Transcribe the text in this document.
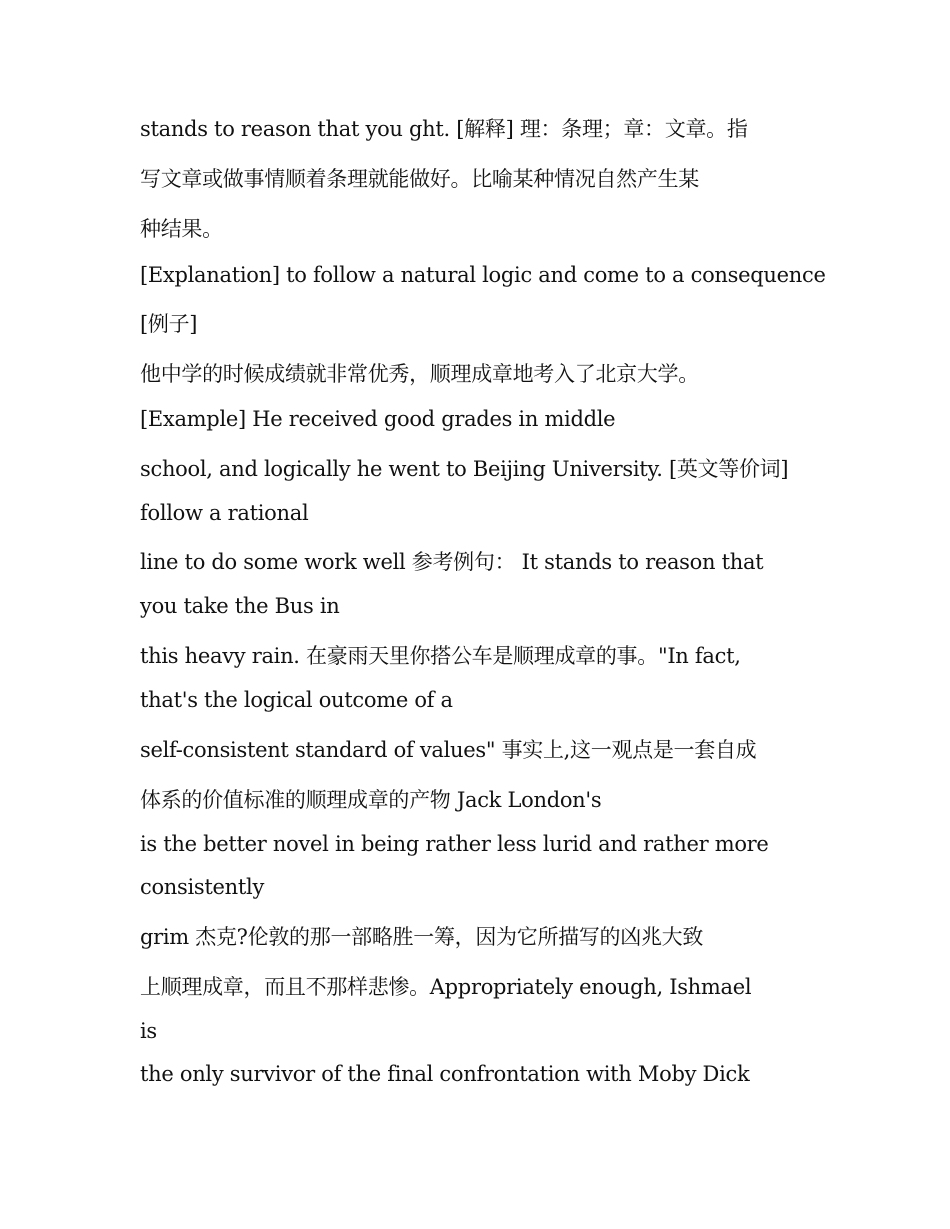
stands to reason that you ght. [解释] 理：条理；章：文章。指

写文章或做事情顺着条理就能做好。比喻某种情况自然产生某

种结果。

[Explanation] to follow a natural logic and come to a consequence

[例子]

他中学的时候成绩就非常优秀，顺理成章地考入了北京大学。

[Example] He received good grades in middle

school, and logically he went to Beijing University. [英文等价词]

follow a rational

line to do some work well 参考例句： It stands to reason that

you take the Bus in

this heavy rain. 在豪雨天里你搭公车是顺理成章的事。"In fact,

that's the logical outcome of a

self-consistent standard of values" 事实上,这一观点是一套自成

体系的价值标准的顺理成章的产物 Jack London's

is the better novel in being rather less lurid and rather more

consistently

grim 杰克?伦敦的那一部略胜一筹，因为它所描写的凶兆大致

上顺理成章，而且不那样悲惨。Appropriately enough, Ishmael

is

the only survivor of the final confrontation with Moby Dick
